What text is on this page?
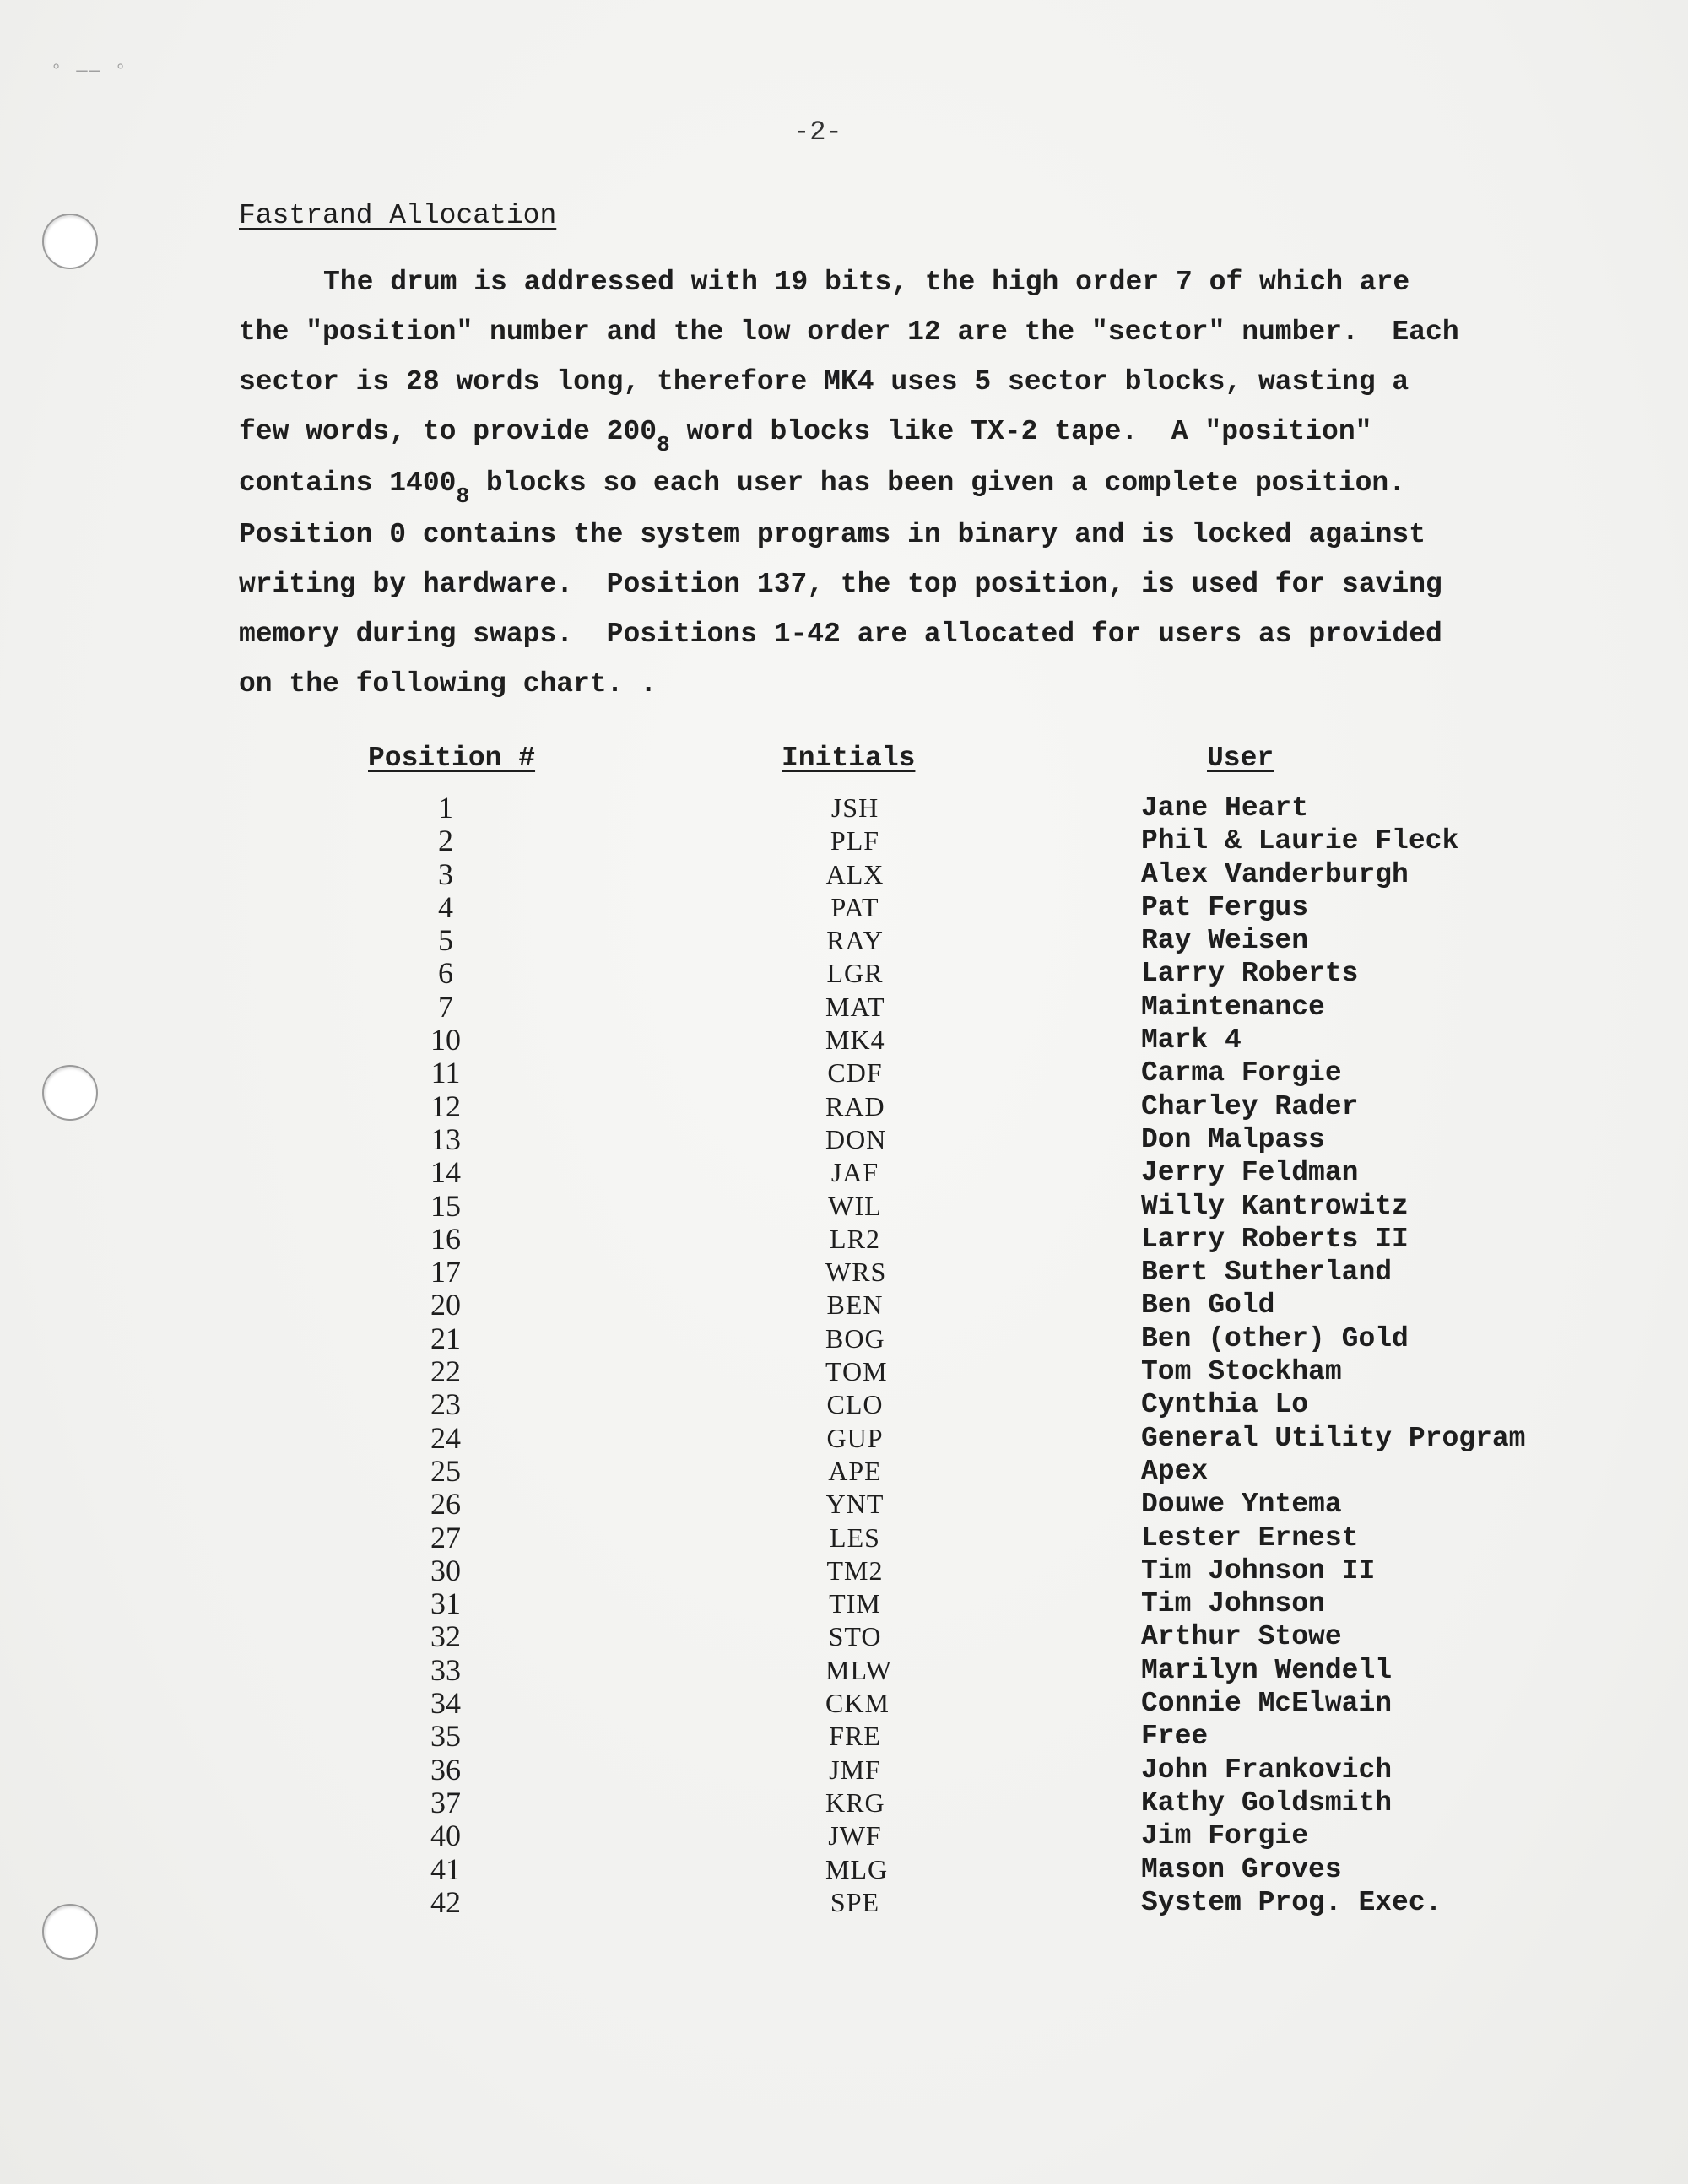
° ―― °
-2-
Fastrand Allocation
The drum is addressed with 19 bits, the high order 7 of which are
the "position" number and the low order 12 are the "sector" number.  Each
sector is 28 words long, therefore MK4 uses 5 sector blocks, wasting a
few words, to provide $200_8$ word blocks like TX-2 tape.  A "position"
contains $1400_8$ blocks so each user has been given a complete position.
Position 0 contains the system programs in binary and is locked against
writing by hardware.  Position 137, the top position, is used for saving
memory during swaps.  Positions 1-42 are allocated for users as provided
on the following chart. .
Position #	Initials	User
1	JSH	Jane Heart
2	PLF	Phil & Laurie Fleck
3	ALX	Alex Vanderburgh
4	PAT	Pat Fergus
5	RAY	Ray Weisen
6	LGR	Larry Roberts
7	MAT	Maintenance
10	MK4	Mark 4
11	CDF	Carma Forgie
12	RAD	Charley Rader
13	DON	Don Malpass
14	JAF	Jerry Feldman
15	WIL	Willy Kantrowitz
16	LR2	Larry Roberts II
17	WRS	Bert Sutherland
20	BEN	Ben Gold
21	BOG	Ben (other) Gold
22	TOM	Tom Stockham
23	CLO	Cynthia Lo
24	GUP	General Utility Program
25	APE	Apex
26	YNT	Douwe Yntema
27	LES	Lester Ernest
30	TM2	Tim Johnson II
31	TIM	Tim Johnson
32	STO	Arthur Stowe
33	MLW	Marilyn Wendell
34	CKM	Connie McElwain
35	FRE	Free
36	JMF	John Frankovich
37	KRG	Kathy Goldsmith
40	JWF	Jim Forgie
41	MLG	Mason Groves
42	SPE	System Prog. Exec.
